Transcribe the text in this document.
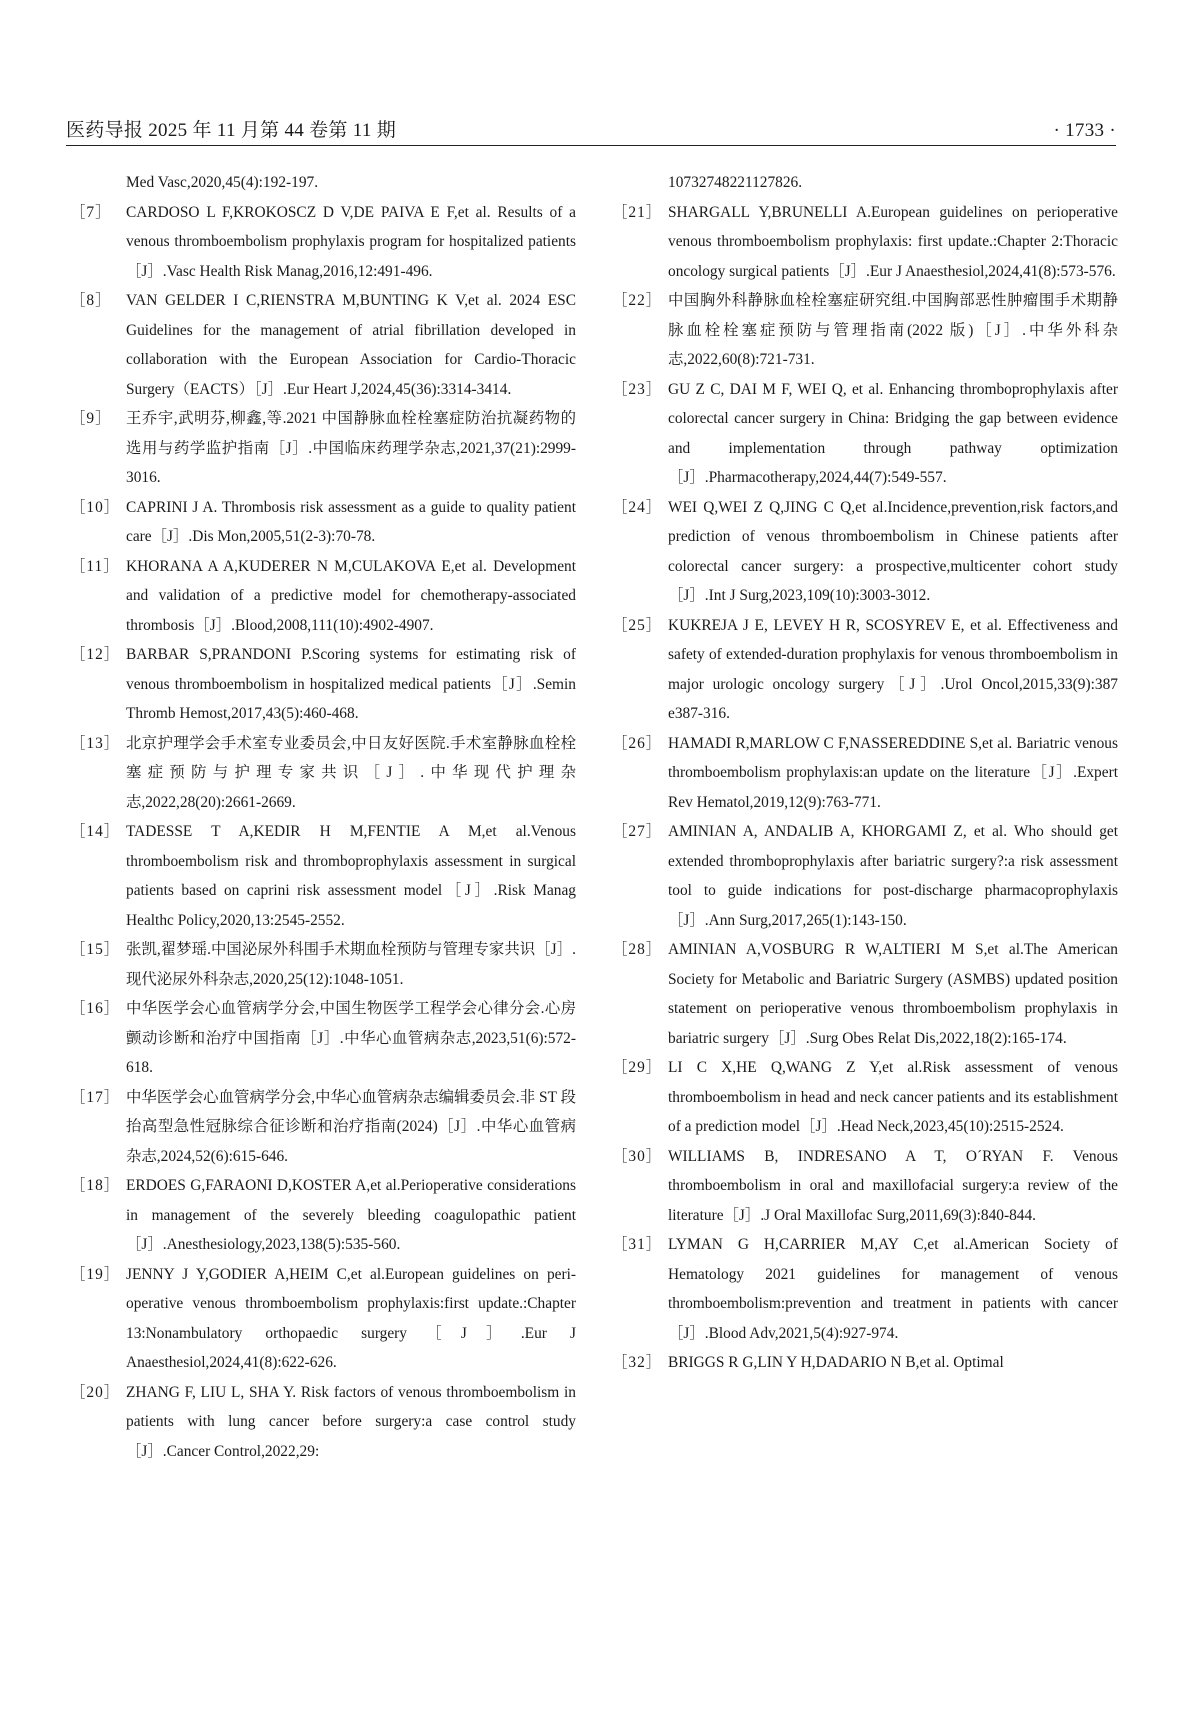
医药导报 2025 年 11 月第 44 卷第 11 期	· 1733 ·
Med Vasc,2020,45(4):192-197.
［7］ CARDOSO L F,KROKOSCZ D V,DE PAIVA E F,et al. Results of a venous thromboembolism prophylaxis program for hospitalized patients［J］.Vasc Health Risk Manag,2016,12:491-496.
［8］ VAN GELDER I C,RIENSTRA M,BUNTING K V,et al. 2024 ESC Guidelines for the management of atrial fibrillation developed in collaboration with the European Association for Cardio-Thoracic Surgery（EACTS）［J］.Eur Heart J,2024,45(36):3314-3414.
［9］ 王乔宇,武明芬,柳鑫,等.2021 中国静脉血栓栓塞症防治抗凝药物的选用与药学监护指南［J］.中国临床药理学杂志,2021,37(21):2999-3016.
［10］ CAPRINI J A. Thrombosis risk assessment as a guide to quality patient care［J］.Dis Mon,2005,51(2-3):70-78.
［11］ KHORANA A A,KUDERER N M,CULAKOVA E,et al. Development and validation of a predictive model for chemotherapy-associated thrombosis［J］.Blood,2008,111(10):4902-4907.
［12］ BARBAR S,PRANDONI P.Scoring systems for estimating risk of venous thromboembolism in hospitalized medical patients［J］.Semin Thromb Hemost,2017,43(5):460-468.
［13］ 北京护理学会手术室专业委员会,中日友好医院.手术室静脉血栓栓塞症预防与护理专家共识［J］.中华现代护理杂志,2022,28(20):2661-2669.
［14］ TADESSE T A,KEDIR H M,FENTIE A M,et al.Venous thromboembolism risk and thromboprophylaxis assessment in surgical patients based on caprini risk assessment model［J］.Risk Manag Healthc Policy,2020,13:2545-2552.
［15］ 张凯,翟梦瑶.中国泌尿外科围手术期血栓预防与管理专家共识［J］.现代泌尿外科杂志,2020,25(12):1048-1051.
［16］ 中华医学会心血管病学分会,中国生物医学工程学会心律分会.心房颤动诊断和治疗中国指南［J］.中华心血管病杂志,2023,51(6):572-618.
［17］ 中华医学会心血管病学分会,中华心血管病杂志编辑委员会.非 ST 段抬高型急性冠脉综合征诊断和治疗指南(2024)［J］.中华心血管病杂志,2024,52(6):615-646.
［18］ ERDOES G,FARAONI D,KOSTER A,et al.Perioperative considerations in management of the severely bleeding coagulopathic patient［J］.Anesthesiology,2023,138(5):535-560.
［19］ JENNY J Y,GODIER A,HEIM C,et al.European guidelines on peri-operative venous thromboembolism prophylaxis:first update.:Chapter 13:Nonambulatory orthopaedic surgery［J］.Eur J Anaesthesiol,2024,41(8):622-626.
［20］ ZHANG F, LIU L, SHA Y. Risk factors of venous thromboembolism in patients with lung cancer before surgery:a case control study［J］.Cancer Control,2022,29:
10732748221127826.
［21］ SHARGALL Y,BRUNELLI A.European guidelines on perioperative venous thromboembolism prophylaxis: first update.:Chapter 2:Thoracic oncology surgical patients［J］.Eur J Anaesthesiol,2024,41(8):573-576.
［22］ 中国胸外科静脉血栓栓塞症研究组.中国胸部恶性肿瘤围手术期静脉血栓栓塞症预防与管理指南(2022 版)［J］.中华外科杂志,2022,60(8):721-731.
［23］ GU Z C, DAI M F, WEI Q, et al. Enhancing thromboprophylaxis after colorectal cancer surgery in China: Bridging the gap between evidence and implementation through pathway optimization［J］.Pharmacotherapy,2024,44(7):549-557.
［24］ WEI Q,WEI Z Q,JING C Q,et al.Incidence,prevention,risk factors,and prediction of venous thromboembolism in Chinese patients after colorectal cancer surgery: a prospective,multicenter cohort study［J］.Int J Surg,2023,109(10):3003-3012.
［25］ KUKREJA J E, LEVEY H R, SCOSYREV E, et al. Effectiveness and safety of extended-duration prophylaxis for venous thromboembolism in major urologic oncology surgery［J］.Urol Oncol,2015,33(9):387 e387-316.
［26］ HAMADI R,MARLOW C F,NASSEREDDINE S,et al. Bariatric venous thromboembolism prophylaxis:an update on the literature［J］.Expert Rev Hematol,2019,12(9):763-771.
［27］ AMINIAN A, ANDALIB A, KHORGAMI Z, et al. Who should get extended thromboprophylaxis after bariatric surgery?:a risk assessment tool to guide indications for post-discharge pharmacoprophylaxis［J］.Ann Surg,2017,265(1):143-150.
［28］ AMINIAN A,VOSBURG R W,ALTIERI M S,et al.The American Society for Metabolic and Bariatric Surgery (ASMBS) updated position statement on perioperative venous thromboembolism prophylaxis in bariatric surgery［J］.Surg Obes Relat Dis,2022,18(2):165-174.
［29］ LI C X,HE Q,WANG Z Y,et al.Risk assessment of venous thromboembolism in head and neck cancer patients and its establishment of a prediction model［J］.Head Neck,2023,45(10):2515-2524.
［30］ WILLIAMS B, INDRESANO A T, O´RYAN F. Venous thromboembolism in oral and maxillofacial surgery:a review of the literature［J］.J Oral Maxillofac Surg,2011,69(3):840-844.
［31］ LYMAN G H,CARRIER M,AY C,et al.American Society of Hematology 2021 guidelines for management of venous thromboembolism:prevention and treatment in patients with cancer［J］.Blood Adv,2021,5(4):927-974.
［32］ BRIGGS R G,LIN Y H,DADARIO N B,et al. Optimal
